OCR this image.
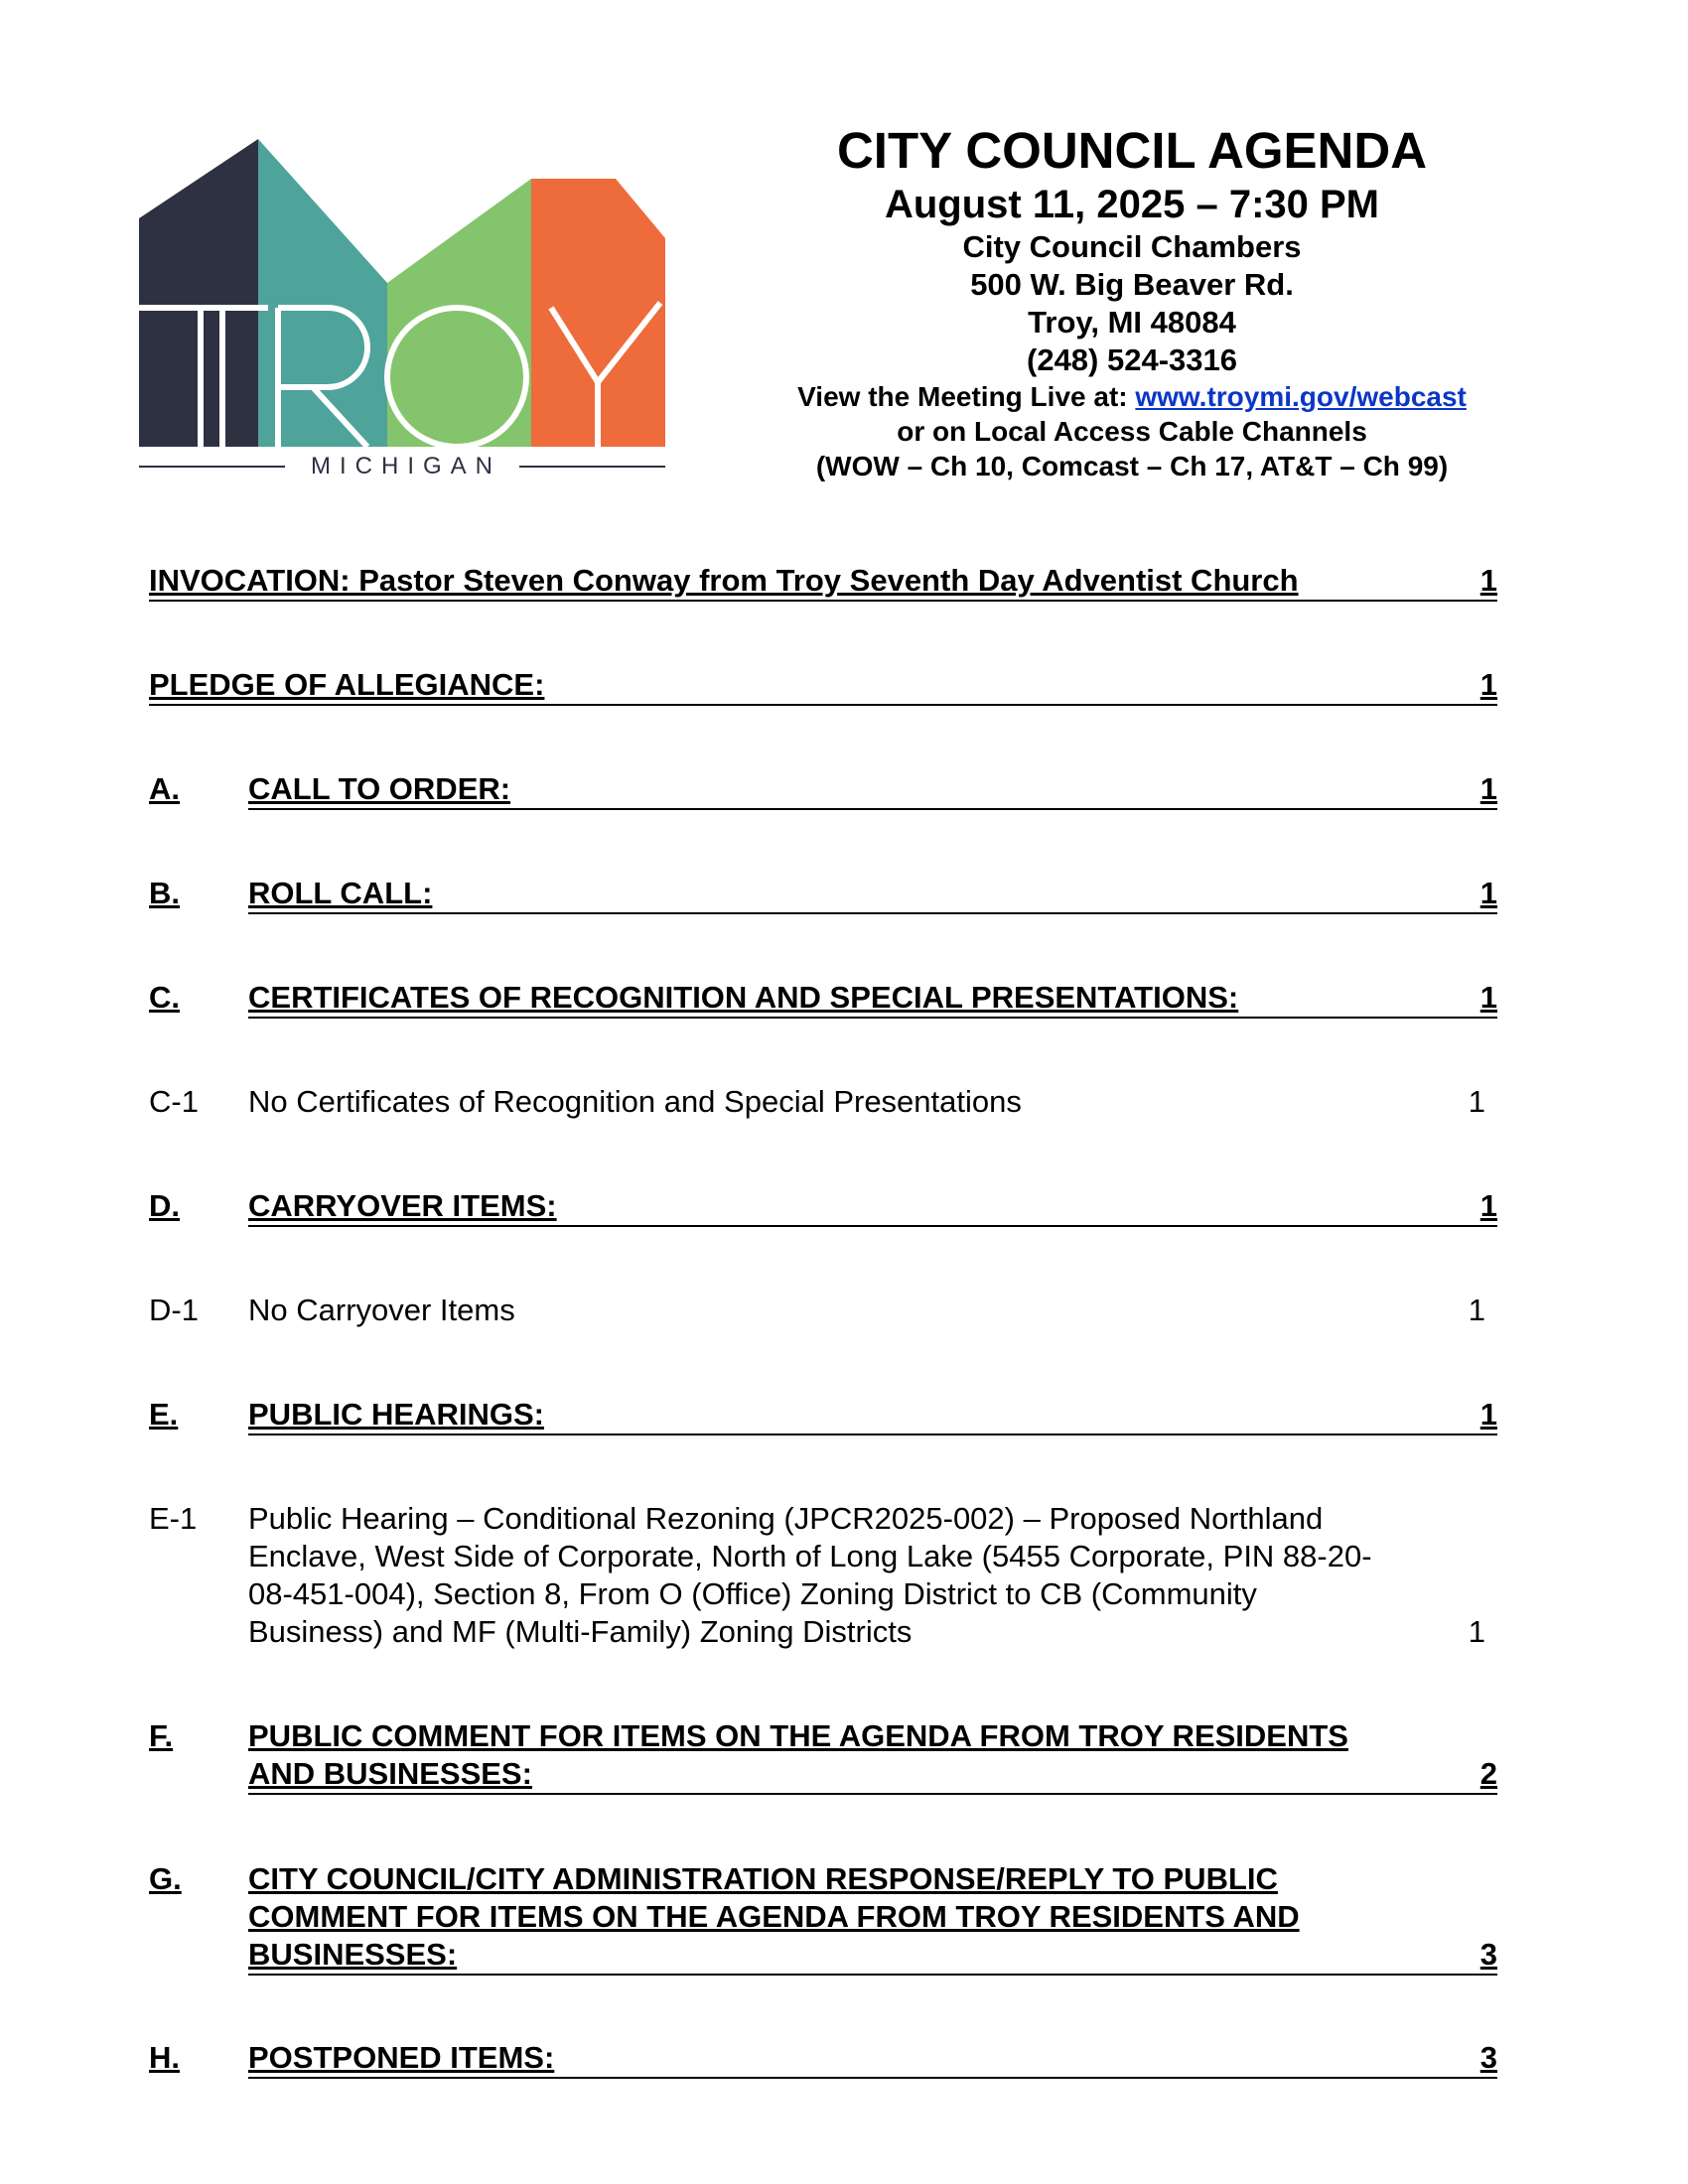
MICHIGAN
CITY COUNCIL AGENDA
August 11, 2025 – 7:30 PM
City Council Chambers
500 W. Big Beaver Rd.
Troy, MI 48084
(248) 524-3316
View the Meeting Live at: www.troymi.gov/webcast
or on Local Access Cable Channels
(WOW – Ch 10, Comcast – Ch 17, AT&T – Ch 99)
INVOCATION: Pastor Steven Conway from Troy Seventh Day Adventist Church	1
PLEDGE OF ALLEGIANCE:	1
A. CALL TO ORDER:	1
B. ROLL CALL:	1
C. CERTIFICATES OF RECOGNITION AND SPECIAL PRESENTATIONS:	1
C-1 No Certificates of Recognition and Special Presentations	1
D. CARRYOVER ITEMS:	1
D-1 No Carryover Items	1
E. PUBLIC HEARINGS:	1
E-1 Public Hearing – Conditional Rezoning (JPCR2025-002) – Proposed Northland
Enclave, West Side of Corporate, North of Long Lake (5455 Corporate, PIN 88-20-
08-451-004), Section 8, From O (Office) Zoning District to CB (Community
Business) and MF (Multi-Family) Zoning Districts	1
F. PUBLIC COMMENT FOR ITEMS ON THE AGENDA FROM TROY RESIDENTS
AND BUSINESSES:	2
G. CITY COUNCIL/CITY ADMINISTRATION RESPONSE/REPLY TO PUBLIC
COMMENT FOR ITEMS ON THE AGENDA FROM TROY RESIDENTS AND
BUSINESSES:	3
H. POSTPONED ITEMS:	3
